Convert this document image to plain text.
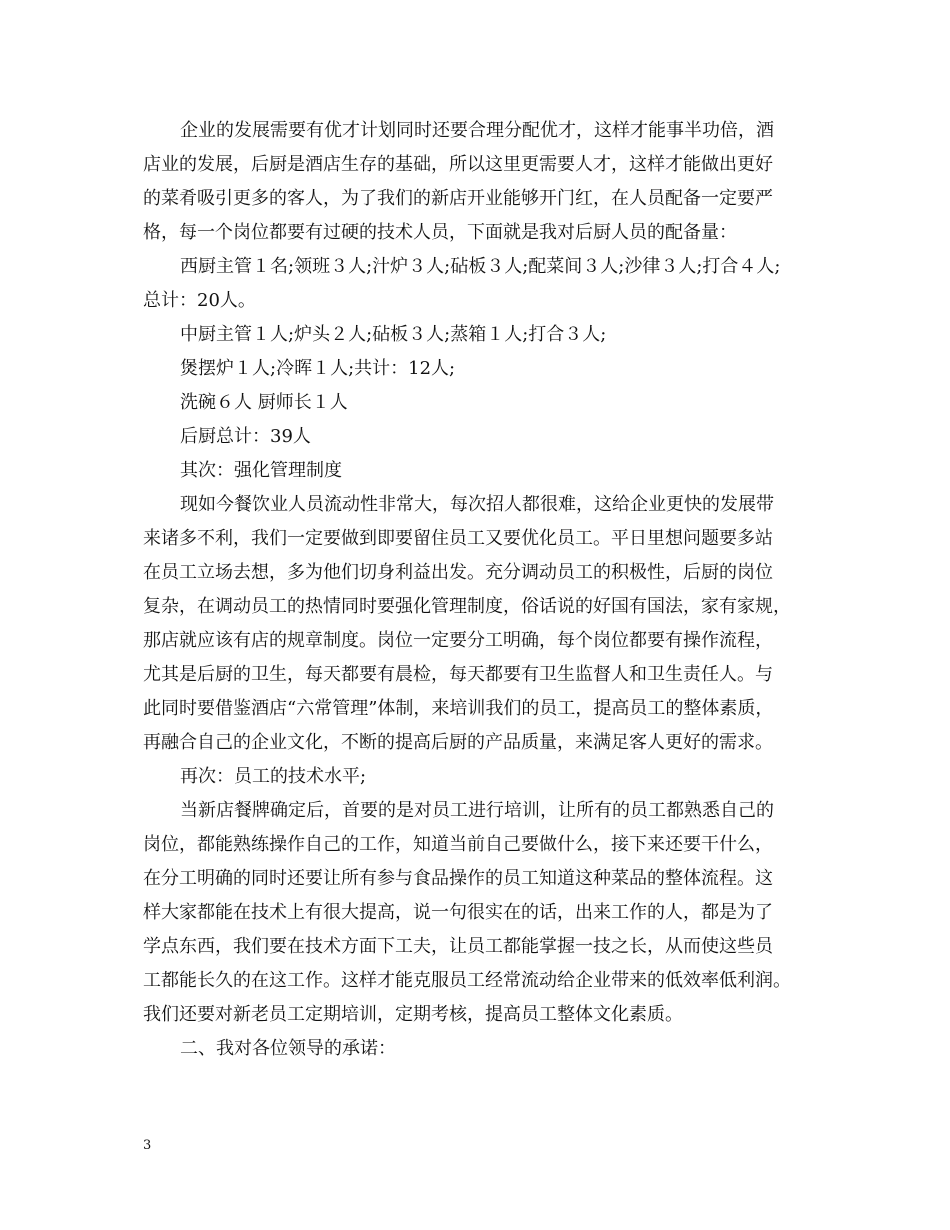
企业的发展需要有优才计划同时还要合理分配优才，这样才能事半功倍，酒

店业的发展，后厨是酒店生存的基础，所以这里更需要人才，这样才能做出更好

的菜肴吸引更多的客人，为了我们的新店开业能够开门红，在人员配备一定要严

格，每一个岗位都要有过硬的技术人员，下面就是我对后厨人员的配备量：

西厨主管１名;领班３人;汁炉３人;砧板３人;配菜间３人;沙律３人;打合４人;

总计：20人。

中厨主管１人;炉头２人;砧板３人;蒸箱１人;打合３人;

煲摆炉１人;冷晖１人;共计：12人;

洗碗６人 厨师长１人

后厨总计：39人

其次：强化管理制度

现如今餐饮业人员流动性非常大，每次招人都很难，这给企业更快的发展带

来诸多不利，我们一定要做到即要留住员工又要优化员工。平日里想问题要多站

在员工立场去想，多为他们切身利益出发。充分调动员工的积极性，后厨的岗位

复杂，在调动员工的热情同时要强化管理制度，俗话说的好国有国法，家有家规，

那店就应该有店的规章制度。岗位一定要分工明确，每个岗位都要有操作流程，

尤其是后厨的卫生，每天都要有晨检，每天都要有卫生监督人和卫生责任人。与

此同时要借鉴酒店“六常管理”体制，来培训我们的员工，提高员工的整体素质，

再融合自己的企业文化，不断的提高后厨的产品质量，来满足客人更好的需求。

再次：员工的技术水平;

当新店餐牌确定后，首要的是对员工进行培训，让所有的员工都熟悉自己的

岗位，都能熟练操作自己的工作，知道当前自己要做什么，接下来还要干什么，

在分工明确的同时还要让所有参与食品操作的员工知道这种菜品的整体流程。这

样大家都能在技术上有很大提高，说一句很实在的话，出来工作的人，都是为了

学点东西，我们要在技术方面下工夫，让员工都能掌握一技之长，从而使这些员

工都能长久的在这工作。这样才能克服员工经常流动给企业带来的低效率低利润。

我们还要对新老员工定期培训，定期考核，提高员工整体文化素质。

二、我对各位领导的承诺：

3
